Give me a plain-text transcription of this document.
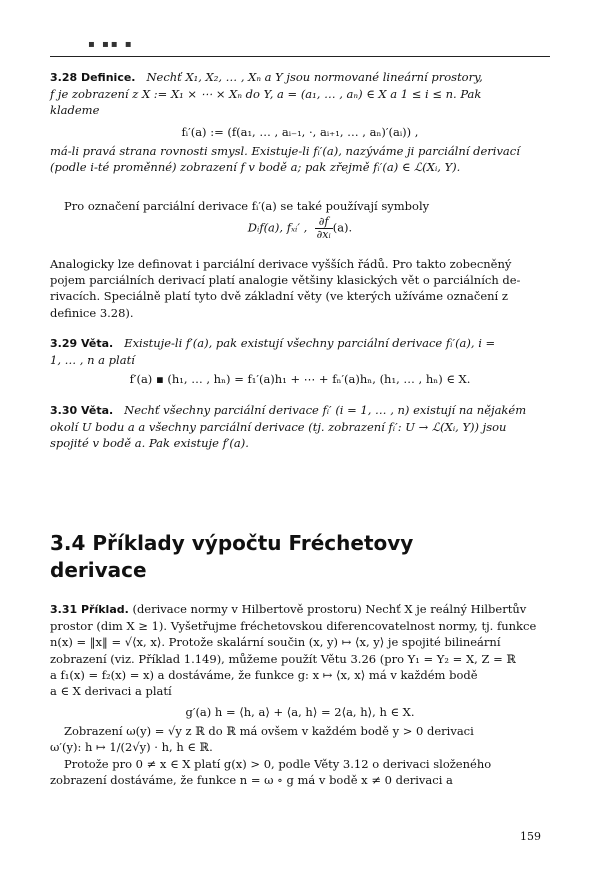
▪ ▪▪ ▪

3.28 Definice. Nechť X₁, X₂, … , Xₙ a Y jsou normované lineární prostory,

f je zobrazení z X := X₁ × ⋯ × Xₙ do Y, a = (a₁, … , aₙ) ∈ X a 1 ≤ i ≤ n. Pak

klademe

fᵢ′(a) := (f(a₁, … , aᵢ₋₁, ·, aᵢ₊₁, … , aₙ)′(aᵢ)) ,

má-li pravá strana rovnosti smysl. Existuje-li fᵢ′(a), nazýváme ji parciální derivací

(podle i-té proměnné) zobrazení f v bodě a; pak zřejmě fᵢ′(a) ∈ ℒ(Xᵢ, Y).

Pro označení parciální derivace fᵢ′(a) se také používají symboly

Dᵢf(a), fₓᵢ′ , $\frac{\partial f}{\text{∂xᵢ}} (a)$.

Analogicky lze definovat i parciální derivace vyšších řádů. Pro takto zobecněný

pojem parciálních derivací platí analogie většiny klasických vět o parciálních de-

rivacích. Speciálně platí tyto dvě základní věty (ve kterých užíváme označení z

definice 3.28).

3.29 Věta. Existuje-li f′(a), pak existují všechny parciální derivace fᵢ′(a), i =

1, … , n a platí

f′(a) ▪ (h₁, … , hₙ) = f₁′(a)h₁ + ⋯ + fₙ′(a)hₙ, (h₁, … , hₙ) ∈ X.

3.30 Věta. Nechť všechny parciální derivace fᵢ′ (i = 1, … , n) existují na nějakém

okolí U bodu a a všechny parciální derivace (tj. zobrazení fᵢ′: U → ℒ(Xᵢ, Y)) jsou

spojité v bodě a. Pak existuje f′(a).

3.4 Příklady výpočtu Fréchetovy
derivace

3.31 Příklad. (derivace normy v Hilbertově prostoru) Nechť X je reálný Hilbertův

prostor (dim X ≥ 1). Vyšetřujme fréchetovskou diferencovatelnost normy, tj. funkce

n(x) = ‖x‖ = √⟨x, x⟩. Protože skalární součin (x, y) ↦ ⟨x, y⟩ je spojité bilineární

zobrazení (viz. Příklad 1.149), můžeme použít Větu 3.26 (pro Y₁ = Y₂ = X, Z = ℝ

a f₁(x) = f₂(x) = x) a dostáváme, že funkce g: x ↦ ⟨x, x⟩ má v každém bodě

a ∈ X derivaci a platí

g′(a) h = ⟨h, a⟩ + ⟨a, h⟩ = 2⟨a, h⟩, h ∈ X.

Zobrazení ω(y) = √y z ℝ do ℝ má ovšem v každém bodě y > 0 derivaci

ω′(y): h ↦ 1/(2√y) · h, h ∈ ℝ.

Protože pro 0 ≠ x ∈ X platí g(x) > 0, podle Věty 3.12 o derivaci složeného

zobrazení dostáváme, že funkce n = ω ∘ g má v bodě x ≠ 0 derivaci a

159
